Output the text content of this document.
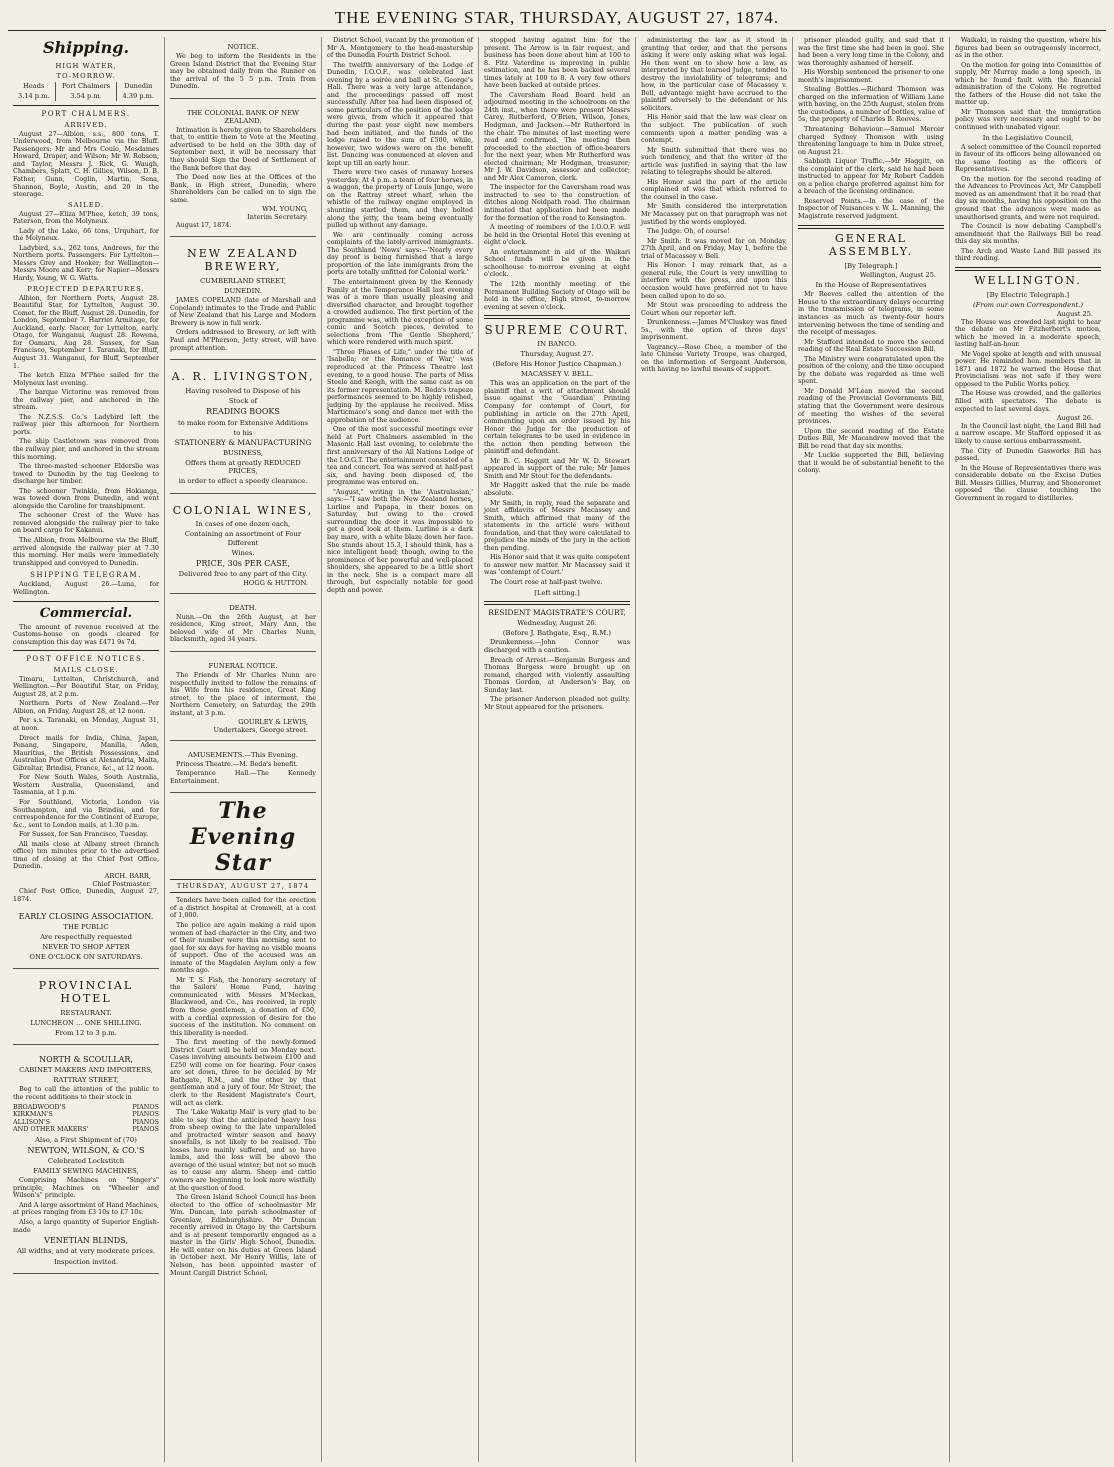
THE EVENING STAR, THURSDAY, AUGUST 27, 1874.
Shipping.
HIGH WATER,
TO-MORROW.
Heads	Port Chalmers	Dunedin
3.14 p.m.	3.54 p.m.	4.39 p.m.
PORT CHALMERS.
ARRIVED.

August 27—Albion, s.s., 800 tons, T. Underwood, from Melbourne via the Bluff. Passengers: Mr and Mrs Coulo, Mesdames Howard, Draper, and Wilson; Mr W. Robson, and Taylor, Messrs J. Rick, G. Waugh, Chambers, Splatt, C. H. Gillies, Wilson, D. B. Father, Gunn, Coglin, Martin, Sena, Shannon, Boyle, Austin, and 20 in the steerage.

SAILED.

August 27—Eliza M'Phee, ketch, 39 tons, Paterson, from the Molyneux.

Lady of the Lake, 66 tons, Urquhart, for the Molyneux.

Ladybird, s.s., 262 tons, Andrews, for the Northern ports. Passengers: For Lyttelton—Messrs Grey and Hooker; for Wellington—Messrs Moore and Kerr; for Napier—Messrs Hardy, Young, W. G. Watts.

PROJECTED DEPARTURES.

Albion, for Northern Ports, August 28. Beautiful Star, for Lyttelton, August 30. Comet, for the Bluff, August 28. Dunedin, for London, September 7. Harriet Armitage, for Auckland, early. Nacer, for Lyttelton, early. Otago, for Wanganui, August 28. Rowena, for Oamaru, Aug 28. Sussex, for San Francisco, September 1. Taranaki, for Bluff, August 31. Wanganui, for Bluff, September 1.

The ketch Eliza M'Phee sailed for the Molyneux last evening.

The barque Victorine was removed from the railway pier, and anchored in the stream.

The N.Z.S.S. Co.'s Ladybird left the railway pier this afternoon for Northern ports.

The ship Castletown was removed from the railway pier, and anchored in the stream this morning.

The three-masted schooner Elderslie was towed to Dunedin by the tug Geelong to discharge her timber.

The schooner Twinkle, from Hokianga, was towed down from Dunedin, and went alongside the Caroline for transhipment.

The schooner Crest of the Wave has removed alongside the railway pier to take on board cargo for Kakanui.

The Albion, from Melbourne via the Bluff, arrived alongside the railway pier at 7.30 this morning. Her mails were immediately transhipped and conveyed to Dunedin.

SHIPPING TELEGRAM.

Auckland, August 26.—Luna, for Wellington.

Commercial.

The amount of revenue received at the Customs-house on goods cleared for consumption this day was £471 9s 7d.

POST OFFICE NOTICES.
MAILS CLOSE.

Timaru, Lyttelton, Christchurch, and Wellington.—Per Beautiful Star, on Friday, August 28, at 2 p.m.

Northern Ports of New Zealand.—Per Albion, on Friday, August 28, at 12 noon.

Per s.s. Taranaki, on Monday, August 31, at noon.

Direct mails for India, China, Japan, Penang, Singapore, Manilla, Aden, Mauritius, the British Possessions, and Australian Post Offices at Alexandria, Malta, Gibraltar, Brindisi, France, &c., at 12 noon.

For New South Wales, South Australia, Western Australia, Queensland, and Tasmania, at 1 p.m.

For Southland, Victoria, London via Southampton, and via Brindisi, and for correspondence for the Continent of Europe, &c., sent to London mails, at 1.30 p.m.

For Sussex, for San Francisco, Tuesday.

All mails close at Albany street (branch office) ten minutes prior to the advertised time of closing at the Chief Post Office, Dunedin.

ARCH. BARR,
Chief Postmaster.

Chief Post Office, Dunedin, August 27, 1874.

EARLY CLOSING ASSOCIATION.
THE PUBLIC
Are respectfully requested
NEVER TO SHOP AFTER
ONE O'CLOCK ON SATURDAYS.
PROVINCIAL HOTEL
RESTAURANT.
LUNCHEON ... ONE SHILLING.
From 12 to 3 p.m.
NORTH & SCOULLAR,
CABINET MAKERS AND IMPORTERS,
RATTRAY STREET,

Beg to call the attention of the public to the recent additions to their stock in

BROADWOOD'S	PIANOS
KIRKMAN'S	PIANOS
ALLISON'S	PIANOS
AND OTHER MAKERS'	PIANOS
Also, a First Shipment of (70)
NEWTON, WILSON, & CO.'S
Celebrated Lockstitch
FAMILY SEWING MACHINES,

Comprising Machines on "Singer's" principle, Machines on "Wheeler and Wilson's" principle.

And A large assortment of Hand Machines, at prices ranging from £3 10s to £7 10s.

Also, a large quantity of Superior English-made

VENETIAN BLINDS,
All widths, and at very moderate prices.
Inspection invited.
NOTICE.

We beg to inform the Residents in the Green Island District that the Evening Star may be obtained daily from the Runner on the arrival of the 5 5 p.m. Train from Dunedin.

THE COLONIAL BANK OF NEW ZEALAND.

Intimation is hereby given to Shareholders that, to entitle them to Vote at the Meeting advertised to be held on the 30th day of September next, it will be necessary that they should Sign the Deed of Settlement of the Bank before that day.

The Deed now lies at the Offices of the Bank, in High street, Dunedin, where Shareholders can be called on to sign the same.

WM. YOUNG,
Interim Secretary.

August 17, 1874.

NEW ZEALAND BREWERY,
CUMBERLAND STREET,
DUNEDIN.

JAMES COPELAND (late of Marshall and Copeland) intimates to the Trade and Public of New Zealand that his Large and Modern Brewery is now in full work.

Orders addressed to Brewery, or left with Paul and M'Pherson, Jetty street, will have prompt attention.

A. R. LIVINGSTON,
Having resolved to Dispose of his
Stock of
READING BOOKS
to make room for Extensive Additions
to his
STATIONERY & MANUFACTURING
BUSINESS,
Offers them at greatly REDUCED PRICES,
in order to effect a speedy clearance.
COLONIAL WINES,
In cases of one dozen each,
Containing an assortment of Four Different
Wines.
PRICE, 30s PER CASE,
Delivered free to any part of the City.
HOGG & HUTTON.
DEATH.

Nunn.—On the 26th August, at her residence, King street, Mary Ann, the beloved wife of Mr Charles Nunn, blacksmith, aged 34 years.

FUNERAL NOTICE.

The Friends of Mr Charles Nunn are respectfully invited to follow the remains of his Wife from his residence, Great King street, to the place of interment, the Northern Cemetery, on Saturday, the 29th instant, at 3 p.m.

GOURLEY & LEWIS,
Undertakers, George street.
AMUSEMENTS.—This Evening.

Princess Theatre.—M. Beda's benefit.

Temperance Hall.—The Kennedy Entertainment.

The Evening Star
THURSDAY, AUGUST 27, 1874

Tenders have been called for the erection of a district hospital at Cromwell, at a cost of 1,000.

The police are again making a raid upon women of bad character in the City, and two of their number were this morning sent to gaol for six days for having no visible means of support. One of the accused was an inmate of the Magdalen Asylum only a few months ago.

Mr T. S. Fish, the honorary secretary of the Sailors' Home Fund, having communicated with Messrs M'Meckan, Blackwood, and Co., has received, in reply from those gentlemen, a donation of £50, with a cordial expression of desire for the success of the institution. No comment on this liberality is needed.

The first meeting of the newly-formed District Court will be held on Monday next. Cases involving amounts between £100 and £250 will come on for hearing. Four cases are set down, three to be decided by Mr Bathgate, R.M., and the other by that gentleman and a jury of four. Mr Street, the clerk to the Resident Magistrate's Court, will act as clerk.

The 'Lake Wakatip Mail' is very glad to be able to say that the anticipated heavy loss from sheep owing to the late unparalleled and protracted winter season and heavy snowfalls, is not likely to be realised. The losses have mainly suffered, and so have lambs, and the loss will be above the average of the usual winter; but not so much as to cause any alarm. Sheep and cattle owners are beginning to look more wistfully at the question of food.

The Green Island School Council has been elected to the office of schoolmaster Mr Wm. Duncan, late parish schoolmaster of Greenlaw, Edinburghshire. Mr Duncan recently arrived in Otago by the Cartsburn and is at present temporarily engaged as a master in the Girls' High School, Dunedin. He will enter on his duties at Green Island in October next. Mr Henry Willis, late of Nelson, has been appointed master of Mount Cargill District School.

District School, vacant by the promotion of Mr A. Montgomery to the head-mastership of the Dunedin Fourth District School.

The twelfth anniversary of the Lodge of Dunedin, I.O.O.F., was celebrated last evening by a soirée and ball at St. George's Hall. There was a very large attendance, and the proceedings passed off most successfully. After tea had been disposed of, some particulars of the position of the lodge were given, from which it appeared that during the past year eight new members had been initiated, and the funds of the lodge raised to the sum of £500, while, however, two widows were on the benefit list. Dancing was commenced at eleven and kept up till an early hour.

There were two cases of runaway horses yesterday. At 4 p.m. a team of four horses, in a waggon, the property of Louis Junge, were on the Rattray street wharf, when the whistle of the railway engine employed in shunting startled them, and they bolted along the jetty, the team being eventually pulled up without any damage.

We are continually coming across complaints of the lately-arrived immigrants. The Southland 'News' says:—'Nearly every day proof is being furnished that a large proportion of the late immigrants from the ports are totally unfitted for Colonial work.'

The entertainment given by the Kennedy Family at the Temperance Hall last evening was of a more than usually pleasing and diversified character, and brought together a crowded audience. The first portion of the programme was, with the exception of some comic and Scotch pieces, devoted to selections from 'The Gentle Shepherd,' which were rendered with much spirit.

"Three Phases of Life," under the title of 'Isabella; or the Romance of War,' was reproduced at the Princess Theatre last evening, to a good house. The parts of Miss Steele and Keogh, with the same cast as on its former representation. M. Beda's trapeze performances seemed to be highly relished, judging by the applause he received. Miss Marticmace's song and dance met with the approbation of the audience.

One of the most successful meetings ever held at Port Chalmers assembled in the Masonic Hall last evening, to celebrate the first anniversary of the All Nations Lodge of the I.O.G.T. The entertainment consisted of a tea and concert. Tea was served at half-past six, and having been disposed of, the programme was entered on.

"August," writing in the 'Australasian,' says:—"I saw both the New Zealand horses, Lurline and Papapa, in their boxes on Saturday, but owing to the crowd surrounding the door it was impossible to get a good look at them. Lurline is a dark bay mare, with a white blaze down her face. She stands about 15.3, I should think, has a nice intelligent head; though, owing to the prominence of her powerful and well-placed shoulders, she appeared to be a little short in the neck. She is a compact mare all through, but especially notable for good depth and power.

stopped having against him for the present. The Arrow is in fair request, and business has been done about him at 100 to 8. Fitz Vaterdine is improving in public estimation, and he has been backed several times lately at 100 to 8. A very few others have been backed at outside prices.

The Caversham Road Board held an adjourned meeting in the schoolroom on the 24th inst., when there were present Messrs Carey, Rutherford, O'Brien, Wilson, Jones, Hodgman, and Jackson.—Mr Rutherford in the chair. The minutes of last meeting were read and confirmed. The meeting then proceeded to the election of office-bearers for the next year, when Mr Rutherford was elected chairman; Mr Hodgman, treasurer; Mr J. W. Davidson, assessor and collector; and Mr Alex Cameron, clerk.

The inspector for the Caversham road was instructed to see to the construction of ditches along Neidpath road. The chairman intimated that application had been made for the formation of the road to Kensington.

A meeting of members of the I.O.O.F. will be held in the Oriental Hotel this evening at eight o'clock.

An entertainment in aid of the Waikari School funds will be given in the schoolhouse to-morrow evening at eight o'clock.

The 12th monthly meeting of the Permanent Building Society of Otago will be held in the office, High street, to-morrow evening at seven o'clock.

SUPREME COURT.
IN BANCO.
Thursday, August 27.
(Before His Honor Justice Chapman.)
MACASSEY V. BELL.

This was an application on the part of the plaintiff that a writ of attachment should issue against the 'Guardian' Printing Company for contempt of Court, for publishing in article on the 27th April, commenting upon an order issued by his Honor the Judge for the production of certain telegrams to be used in evidence in the action then pending between the plaintiff and defendant.

Mr B. C. Haggitt and Mr W. D. Stewart appeared in support of the rule; Mr James Smith and Mr Stout for the defendants.

Mr Haggitt asked that the rule be made absolute.

Mr Smith, in reply, read the separate and joint affidavits of Messrs Macassey and Smith, which affirmed that many of the statements in the article were without foundation, and that they were calculated to prejudice the minds of the jury in the action then pending.

His Honor said that it was quite competent to answer new matter. Mr Macassey said it was 'contempt of Court.'

The Court rose at half-past twelve.

[Left sitting.]
RESIDENT MAGISTRATE'S COURT,
Wednesday, August 26.
(Before J. Bathgate, Esq., R.M.)

Drunkenness.—John Connor was discharged with a caution.

Breach of Arrest.—Benjamin Burgess and Thomas Burgess were brought up on remand, charged with violently assaulting Thomas Gordon, at Anderson's Bay, on Sunday last.

The prisoner Anderson pleaded not guilty. Mr Stout appeared for the prisoners.

administering the law as it stood in granting that order, and that the persons asking it were only asking what was legal. He then went on to show how a law, as interpreted by that learned Judge, tended to destroy the inviolability of telegrams; and how, in the particular case of Macassey v. Bell, advantage might have accrued to the plaintiff adversely to the defendant or his solicitors.

His Honor said that the law was clear on the subject. The publication of such comments upon a matter pending was a contempt.

Mr Smith submitted that there was no such tendency, and that the writer of the article was justified in saying that the law relating to telegraphs should be altered.

His Honor said the part of the article complained of was that which referred to the counsel in the case.

Mr Smith considered the interpretation Mr Macassey put on that paragraph was not justified by the words employed.

The Judge: Oh, of course!

Mr Smith: It was moved for on Monday, 27th April, and on Friday, May 1, before the trial of Macassey v. Bell.

His Honor: I may remark that, as a general rule, the Court is very unwilling to interfere with the press, and upon this occasion would have preferred not to have been called upon to do so.

Mr Stout was proceeding to address the Court when our reporter left.

Drunkenness.—James M'Cluskey was fined 5s., with the option of three days' imprisonment.

Vagrancy.—Rose Chee, a member of the late Chinese Variety Troupe, was charged, on the information of Sergeant Anderson, with having no lawful means of support.

prisoner pleaded guilty, and said that it was the first time she had been in gaol. She had been a very long time in the Colony, and was thoroughly ashamed of herself.

His Worship sentenced the prisoner to one month's imprisonment.

Stealing Bottles.—Richard Thomson was charged on the information of William Lane with having, on the 25th August, stolen from the custodians, a number of bottles, value of 5s, the property of Charles B. Reeves.

Threatening Behaviour.—Samuel Mercer charged Sydney Thomson with using threatening language to him in Duke street, on August 21.

Sabbath Liquor Traffic.—Mr Haggitt, on the complaint of the clerk, said he had been instructed to appear for Mr Robert Cadden on a police charge preferred against him for a breach of the licensing ordinance.

Reserved Points.—In the case of the Inspector of Nuisances v. W. L. Manning, the Magistrate reserved judgment.

GENERAL ASSEMBLY.
[By Telegraph.]
Wellington, August 25.
In the House of Representatives

Mr Reeves called the attention of the House to the extraordinary delays occurring in the transmission of telegrams, in some instances as much as twenty-four hours intervening between the time of sending and the receipt of messages.

Mr Stafford intended to move the second reading of the Real Estate Succession Bill.

The Ministry were congratulated upon the position of the colony, and the time occupied by the debate was regarded as time well spent.

Mr Donald M'Lean moved the second reading of the Provincial Governments Bill, stating that the Government were desirous of meeting the wishes of the several provinces.

Upon the second reading of the Estate Duties Bill, Mr Macandrew moved that the Bill be read that day six months.

Mr Luckie supported the Bill, believing that it would be of substantial benefit to the colony.

Waikaki, in raising the question, where his figures had been so outrageously incorrect, as in the other.

On the motion for going into Committee of supply, Mr Murray made a long speech, in which he found fault with the financial administration of the Colony. He regretted the fathers of the House did not take the matter up.

Mr Thomson said that the immigration policy was very necessary and ought to be continued with unabated vigour.

In the Legislative Council,

A select committee of the Council reported in favour of its officers being allowanced on the same footing as the officers of Representatives.

On the motion for the second reading of the Advances to Provinces Act, Mr Campbell moved as an amendment that it be read that day six months, having his opposition on the ground that the advances were made as unauthorised grants, and were not required.

The Council is now debating Campbell's amendment that the Railways Bill be read this day six months.

The Arch and Waste Land Bill passed its third reading.

WELLINGTON.
[By Electric Telegraph.]
(From our own Correspondent.)
August 25.

The House was crowded last night to hear the debate on Mr Fitzherbert's motion, which he moved in a moderate speech, lasting half-an-hour.

Mr Vogel spoke at length and with unusual power. He reminded hon. members that in 1871 and 1872 he warned the House that Provincialism was not safe if they were opposed to the Public Works policy.

The House was crowded, and the galleries filled with spectators. The debate is expected to last several days.

August 26.

In the Council last night, the Land Bill had a narrow escape. Mr Stafford opposed it as likely to cause serious embarrassment.

The City of Dunedin Gasworks Bill has passed.

In the House of Representatives there was considerable debate on the Excise Duties Bill. Messrs Gillies, Murray, and Shoneromet opposed the clause touching the Government in regard to distilleries.
